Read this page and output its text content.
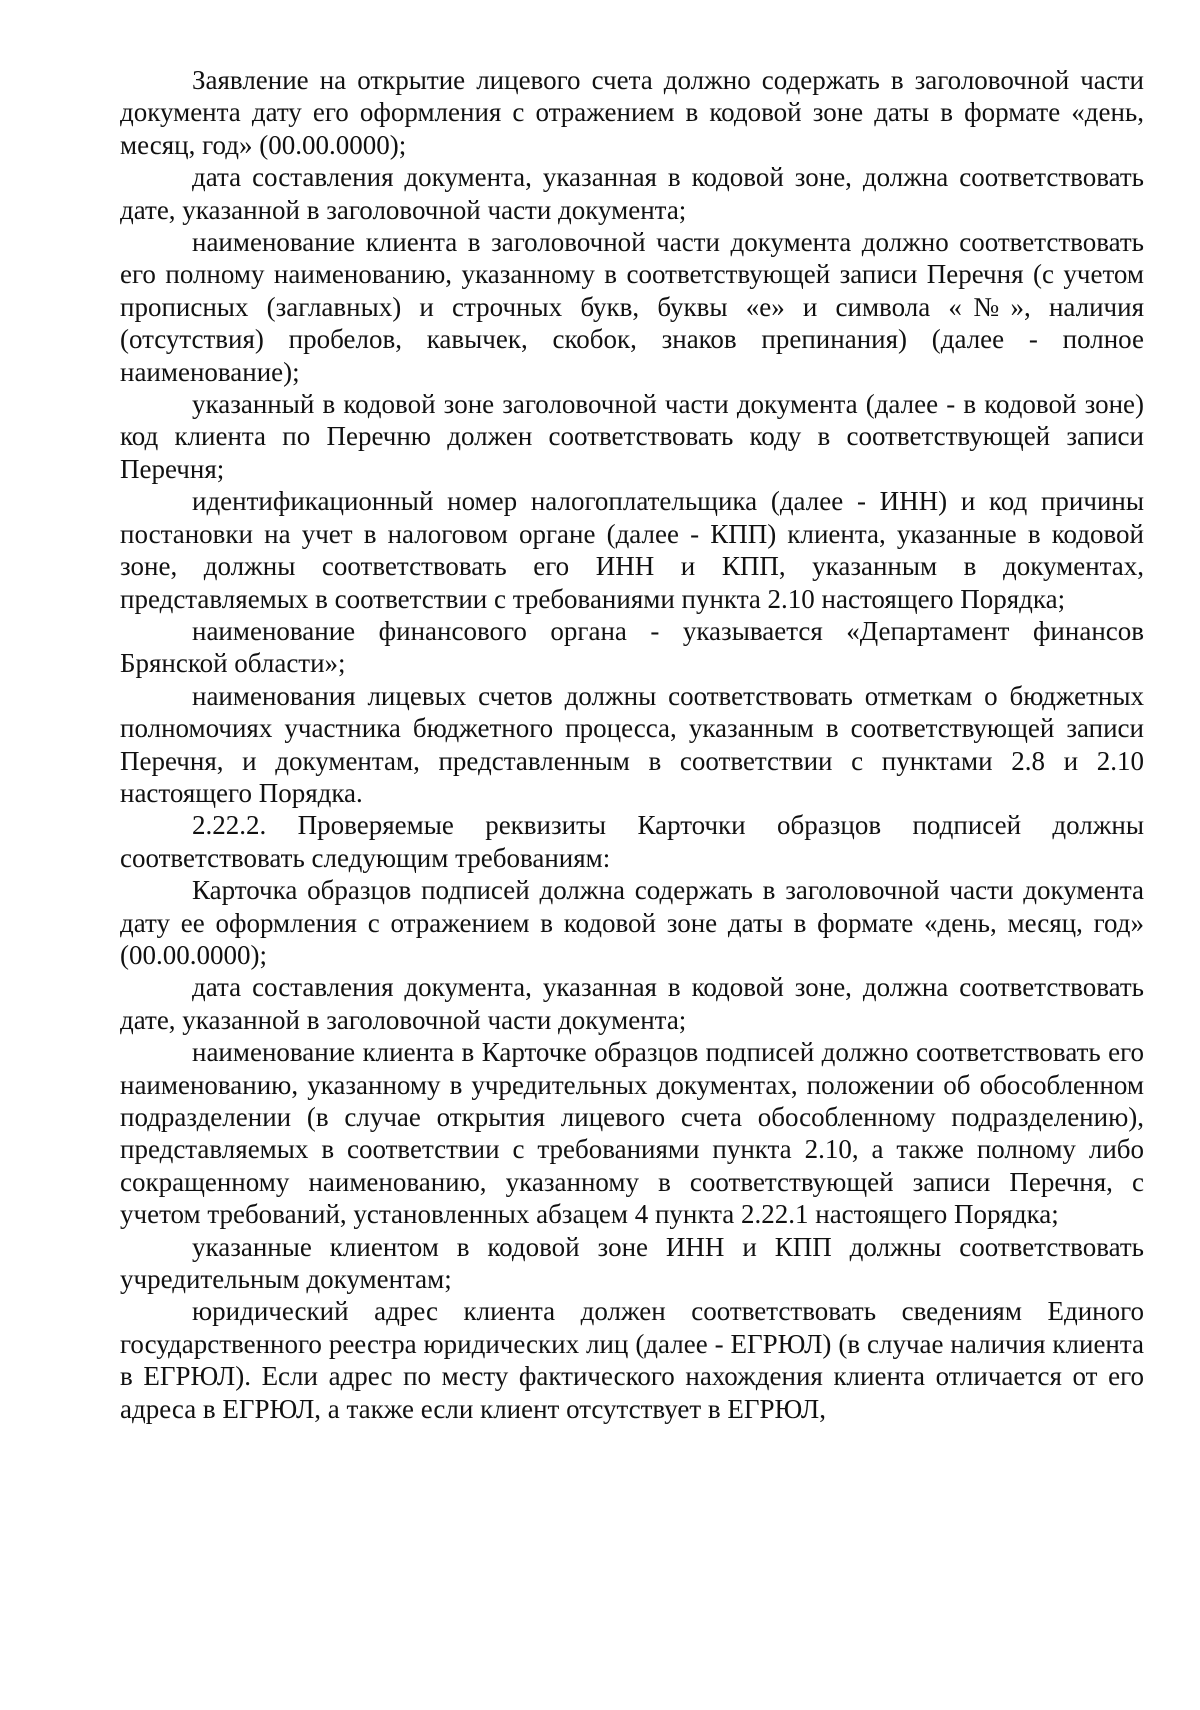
Заявление на открытие лицевого счета должно содержать в заголовочной части документа дату его оформления с отражением в кодовой зоне даты в формате «день, месяц, год» (00.00.0000);

дата составления документа, указанная в кодовой зоне, должна соответствовать дате, указанной в заголовочной части документа;

наименование клиента в заголовочной части документа должно соответствовать его полному наименованию, указанному в соответствующей записи Перечня (с учетом прописных (заглавных) и строчных букв, буквы «е» и символа «№», наличия (отсутствия) пробелов, кавычек, скобок, знаков препинания) (далее - полное наименование);

указанный в кодовой зоне заголовочной части документа (далее - в кодовой зоне) код клиента по Перечню должен соответствовать коду в соответствующей записи Перечня;

идентификационный номер налогоплательщика (далее - ИНН) и код причины постановки на учет в налоговом органе (далее - КПП) клиента, указанные в кодовой зоне, должны соответствовать его ИНН и КПП, указанным в документах, представляемых в соответствии с требованиями пункта 2.10 настоящего Порядка;

наименование финансового органа - указывается «Департамент финансов Брянской области»;

наименования лицевых счетов должны соответствовать отметкам о бюджетных полномочиях участника бюджетного процесса, указанным в соответствующей записи Перечня, и документам, представленным в соответствии с пунктами 2.8 и 2.10 настоящего Порядка.

2.22.2. Проверяемые реквизиты Карточки образцов подписей должны соответствовать следующим требованиям:

Карточка образцов подписей должна содержать в заголовочной части документа дату ее оформления с отражением в кодовой зоне даты в формате «день, месяц, год» (00.00.0000);

дата составления документа, указанная в кодовой зоне, должна соответствовать дате, указанной в заголовочной части документа;

наименование клиента в Карточке образцов подписей должно соответствовать его наименованию, указанному в учредительных документах, положении об обособленном подразделении (в случае открытия лицевого счета обособленному подразделению), представляемых в соответствии с требованиями пункта 2.10, а также полному либо сокращенному наименованию, указанному в соответствующей записи Перечня, с учетом требований, установленных абзацем 4 пункта 2.22.1 настоящего Порядка;

указанные клиентом в кодовой зоне ИНН и КПП должны соответствовать учредительным документам;

юридический адрес клиента должен соответствовать сведениям Единого государственного реестра юридических лиц (далее - ЕГРЮЛ) (в случае наличия клиента в ЕГРЮЛ). Если адрес по месту фактического нахождения клиента отличается от его адреса в ЕГРЮЛ, а также если клиент отсутствует в ЕГРЮЛ,
